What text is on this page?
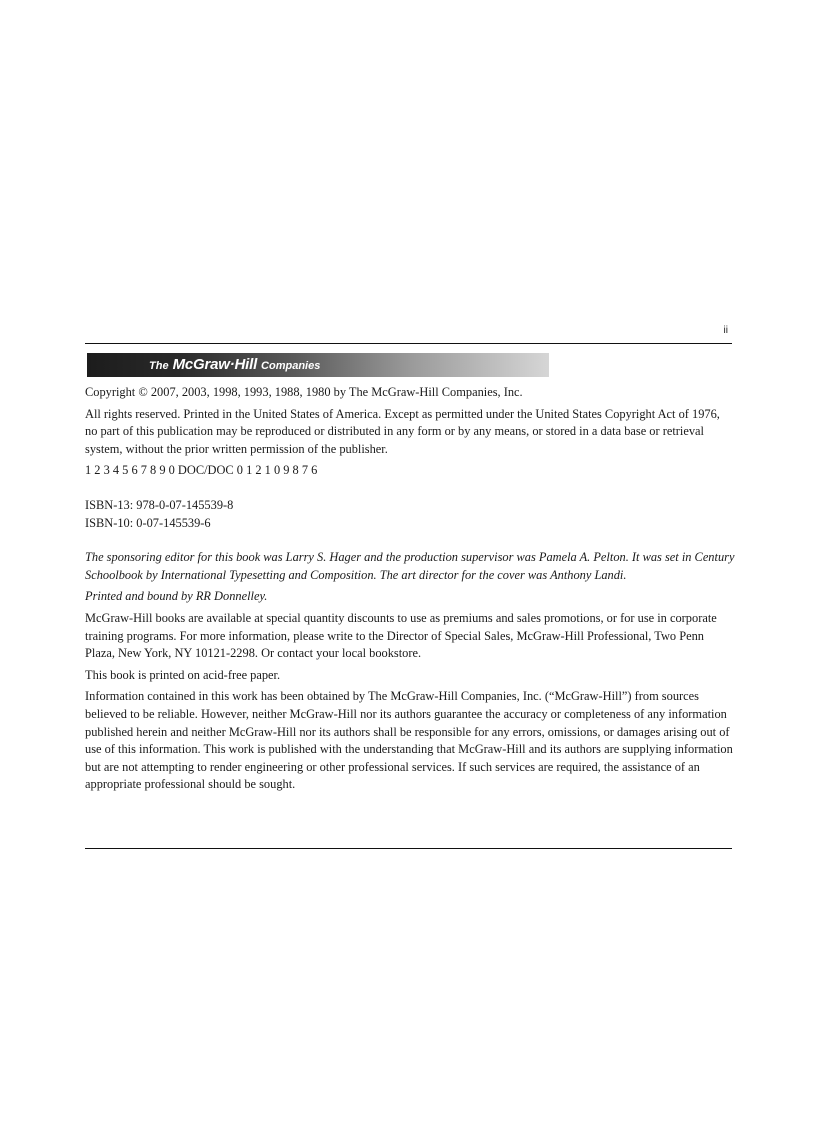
ii
The McGraw·Hill Companies

Copyright © 2007, 2003, 1998, 1993, 1988, 1980 by The McGraw-Hill Companies, Inc.

All rights reserved. Printed in the United States of America. Except as permitted under the United States Copyright Act of 1976, no part of this publication may be reproduced or distributed in any form or by any means, or stored in a data base or retrieval system, without the prior written permission of the publisher.

1 2 3 4 5 6 7 8 9 0 DOC/DOC 0 1 2 1 0 9 8 7 6

ISBN-13: 978-0-07-145539-8

ISBN-10: 0-07-145539-6

The sponsoring editor for this book was Larry S. Hager and the production supervisor was Pamela A. Pelton. It was set in Century Schoolbook by International Typesetting and Composition. The art director for the cover was Anthony Landi.

Printed and bound by RR Donnelley.

McGraw-Hill books are available at special quantity discounts to use as premiums and sales promotions, or for use in corporate training programs. For more information, please write to the Director of Special Sales, McGraw-Hill Professional, Two Penn Plaza, New York, NY 10121-2298. Or contact your local bookstore.

This book is printed on acid-free paper.

Information contained in this work has been obtained by The McGraw-Hill Companies, Inc. (“McGraw-Hill”) from sources believed to be reliable. However, neither McGraw-Hill nor its authors guarantee the accuracy or completeness of any information published herein and neither McGraw-Hill nor its authors shall be responsible for any errors, omissions, or damages arising out of use of this information. This work is published with the understanding that McGraw-Hill and its authors are supplying information but are not attempting to render engineering or other professional services. If such services are required, the assistance of an appropriate professional should be sought.
